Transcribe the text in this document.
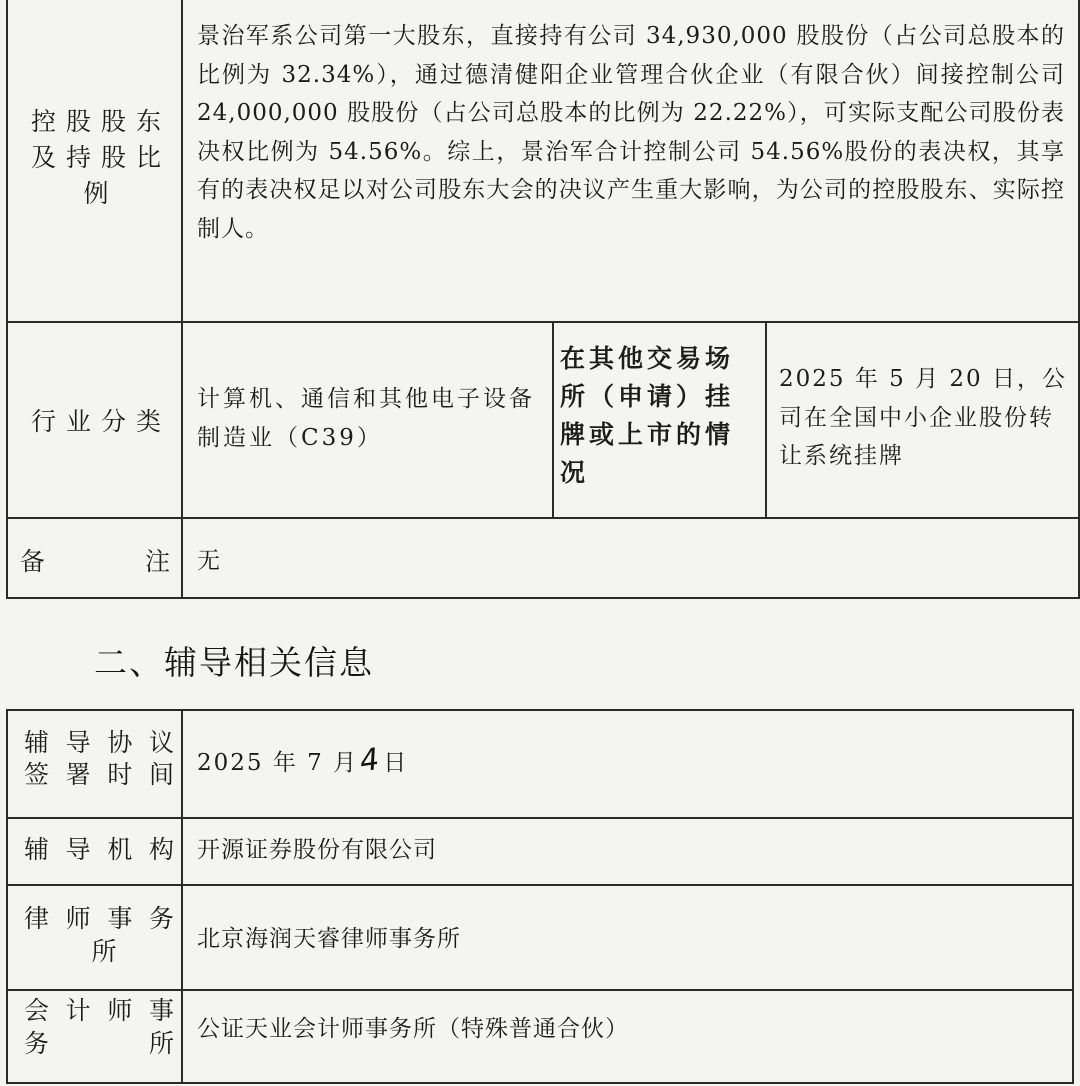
控股股东及持股比例
景治军系公司第一大股东，直接持有公司 34,930,000 股股份（占公司总股本的比例为 32.34%），通过德清健阳企业管理合伙企业（有限合伙）间接控制公司 24,000,000 股股份（占公司总股本的比例为 22.22%），可实际支配公司股份表决权比例为 54.56%。综上，景治军合计控制公司 54.56%股份的表决权，其享有的表决权足以对公司股东大会的决议产生重大影响，为公司的控股股东、实际控制人。
行业分类
计算机、通信和其他电子设备制造业（C39）
在其他交易场所（申请）挂牌或上市的情况
2025 年 5 月 20 日，公司在全国中小企业股份转让系统挂牌
备注 无
二、辅导相关信息
辅导协议
签署时间 2025 年 7 月4日
辅导机构 开源证券股份有限公司
律师事务
所	北京海润天睿律师事务所
会计师事
务	所 公证天业会计师事务所（特殊普通合伙）
